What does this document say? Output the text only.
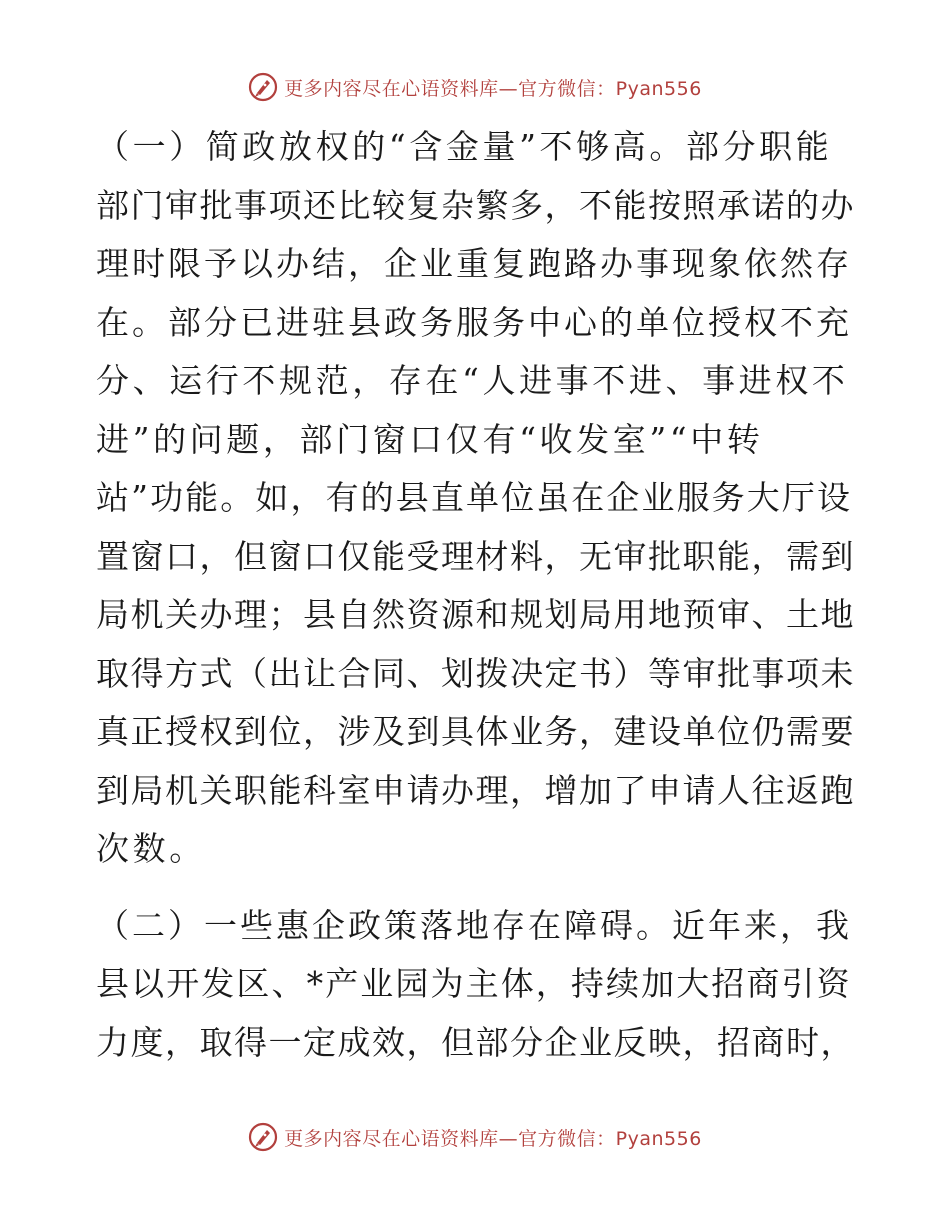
更多内容尽在心语资料库—官方微信：Pyan556
（一）简政放权的“含金量”不够高。部分职能
部门审批事项还比较复杂繁多，不能按照承诺的办
理时限予以办结，企业重复跑路办事现象依然存
在。部分已进驻县政务服务中心的单位授权不充
分、运行不规范，存在“人进事不进、事进权不
进”的问题，部门窗口仅有“收发室”“中转
站”功能。如，有的县直单位虽在企业服务大厅设
置窗口，但窗口仅能受理材料，无审批职能，需到
局机关办理；县自然资源和规划局用地预审、土地
取得方式（出让合同、划拨决定书）等审批事项未
真正授权到位，涉及到具体业务，建设单位仍需要
到局机关职能科室申请办理，增加了申请人往返跑
次数。
（二）一些惠企政策落地存在障碍。近年来，我
县以开发区、*产业园为主体，持续加大招商引资
力度，取得一定成效，但部分企业反映，招商时，
更多内容尽在心语资料库—官方微信：Pyan556
